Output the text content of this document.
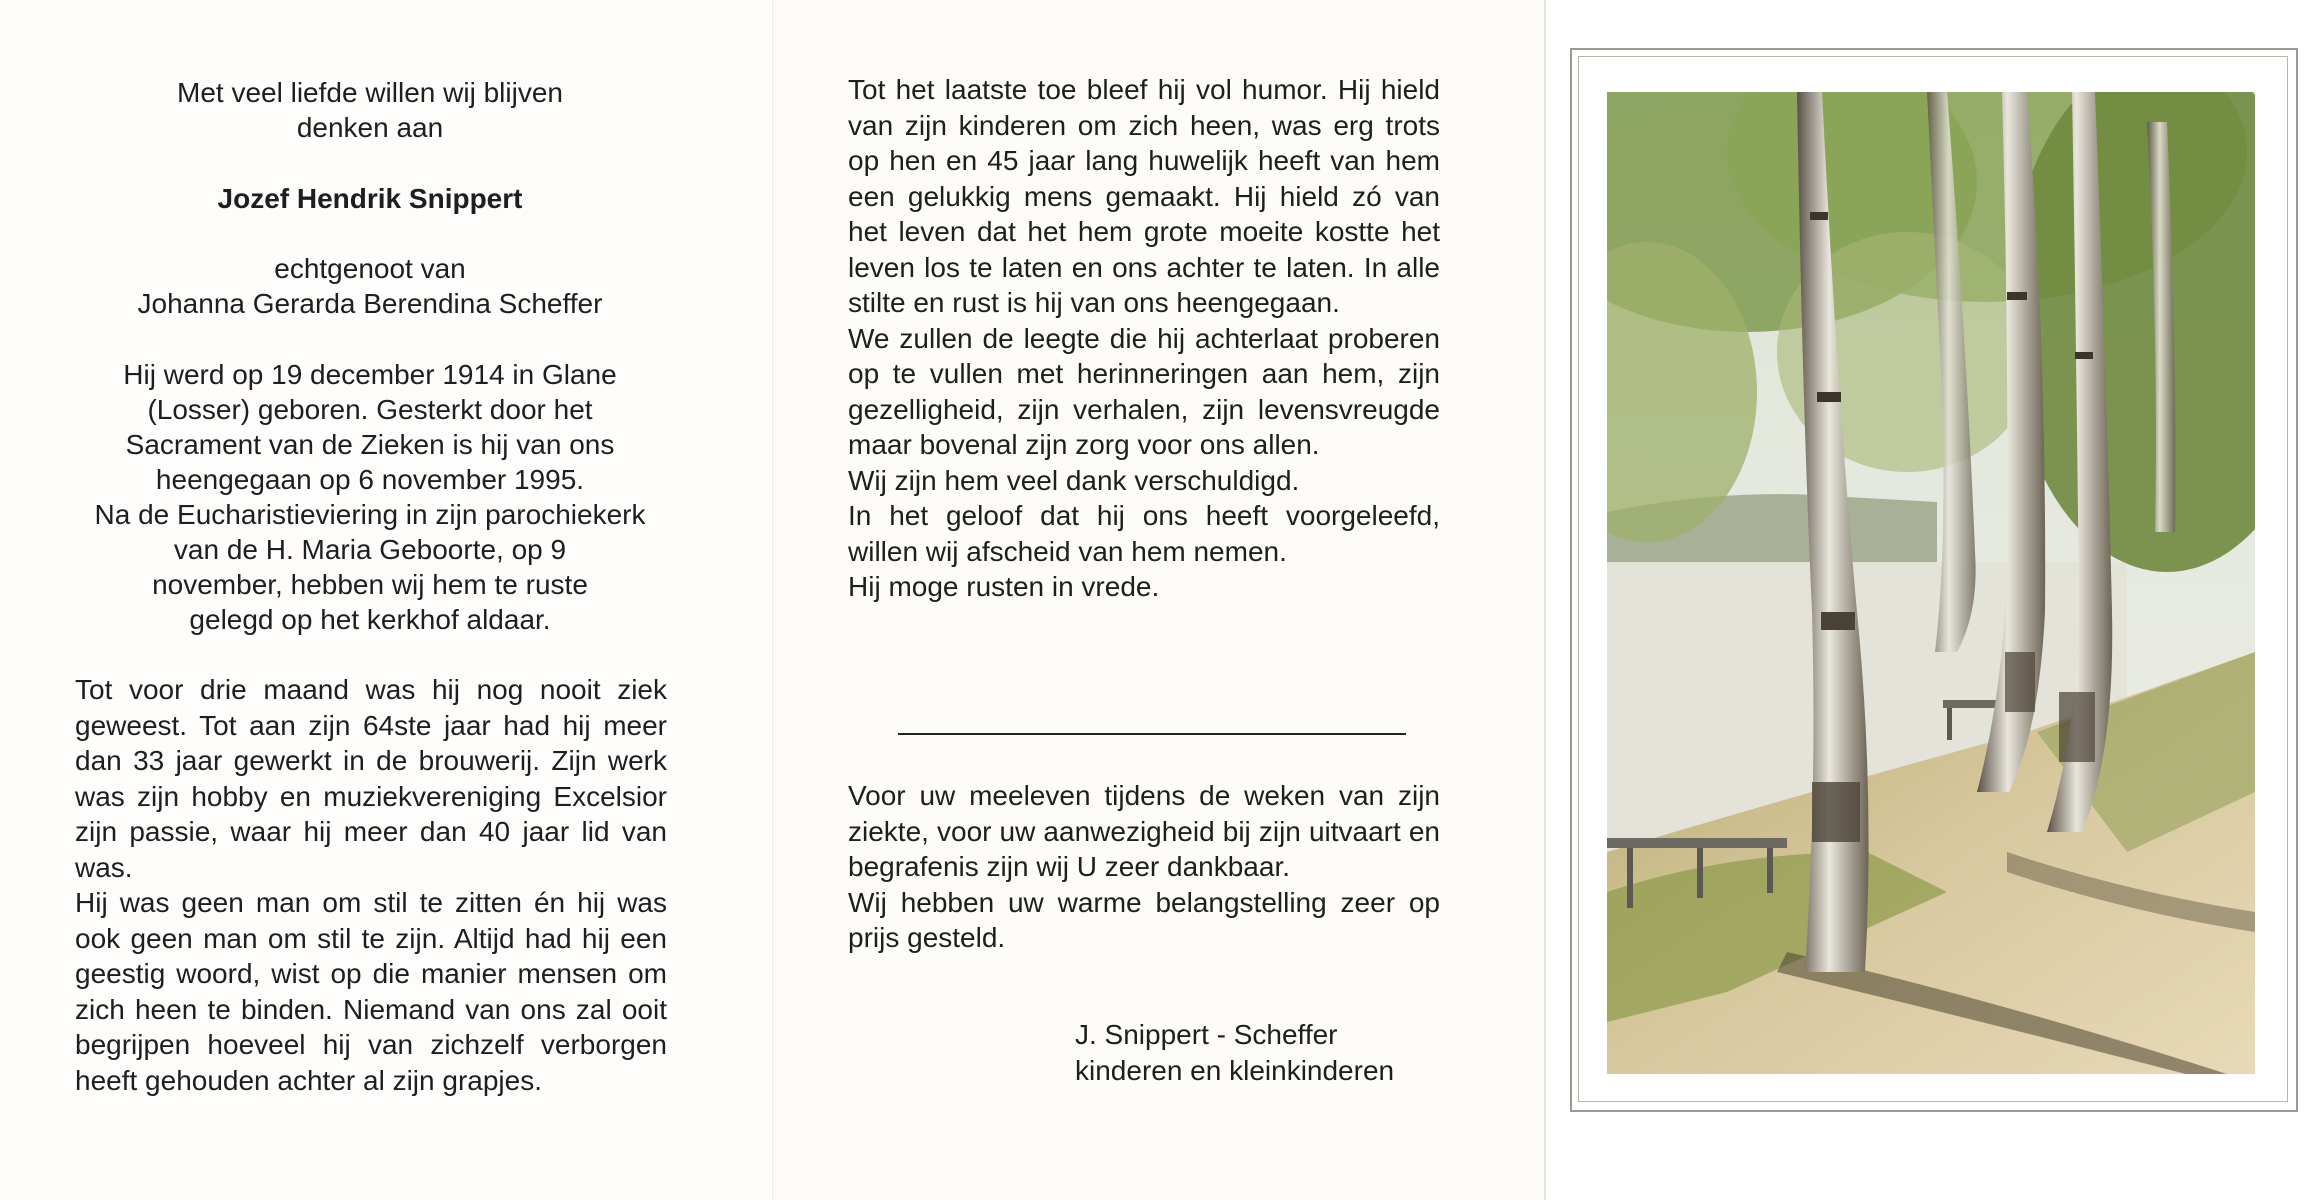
Met veel liefde willen wij blijven

denken aan

Jozef Hendrik Snippert

echtgenoot van

Johanna Gerarda Berendina Scheffer

Hij werd op 19 december 1914 in Glane

(Losser) geboren. Gesterkt door het

Sacrament van de Zieken is hij van ons

heengegaan op 6 november 1995.

Na de Eucharistieviering in zijn parochiekerk

van de H. Maria Geboorte, op 9

november, hebben wij hem te ruste

gelegd op het kerkhof aldaar.

Tot voor drie maand was hij nog nooit ziek geweest. Tot aan zijn 64ste jaar had hij meer dan 33 jaar gewerkt in de brouwerij. Zijn werk was zijn hobby en muziekvereniging Excelsior zijn passie, waar hij meer dan 40 jaar lid van was.

Hij was geen man om stil te zitten én hij was ook geen man om stil te zijn. Altijd had hij een geestig woord, wist op die manier mensen om zich heen te binden. Niemand van ons zal ooit begrijpen hoeveel hij van zichzelf verborgen heeft gehouden achter al zijn grapjes.

Tot het laatste toe bleef hij vol humor. Hij hield van zijn kinderen om zich heen, was erg trots op hen en 45 jaar lang huwelijk heeft van hem een gelukkig mens gemaakt. Hij hield zó van het leven dat het hem grote moeite kostte het leven los te laten en ons achter te laten. In alle stilte en rust is hij van ons heengegaan.

We zullen de leegte die hij achterlaat proberen op te vullen met herinneringen aan hem, zijn gezelligheid, zijn verhalen, zijn levensvreugde maar bovenal zijn zorg voor ons allen.

Wij zijn hem veel dank verschuldigd.

In het geloof dat hij ons heeft voorgeleefd, willen wij afscheid van hem nemen.

Hij moge rusten in vrede.

Voor uw meeleven tijdens de weken van zijn ziekte, voor uw aanwezigheid bij zijn uitvaart en begrafenis zijn wij U zeer dankbaar.

Wij hebben uw warme belangstelling zeer op prijs gesteld.

J. Snippert - Scheffer

kinderen en kleinkinderen
